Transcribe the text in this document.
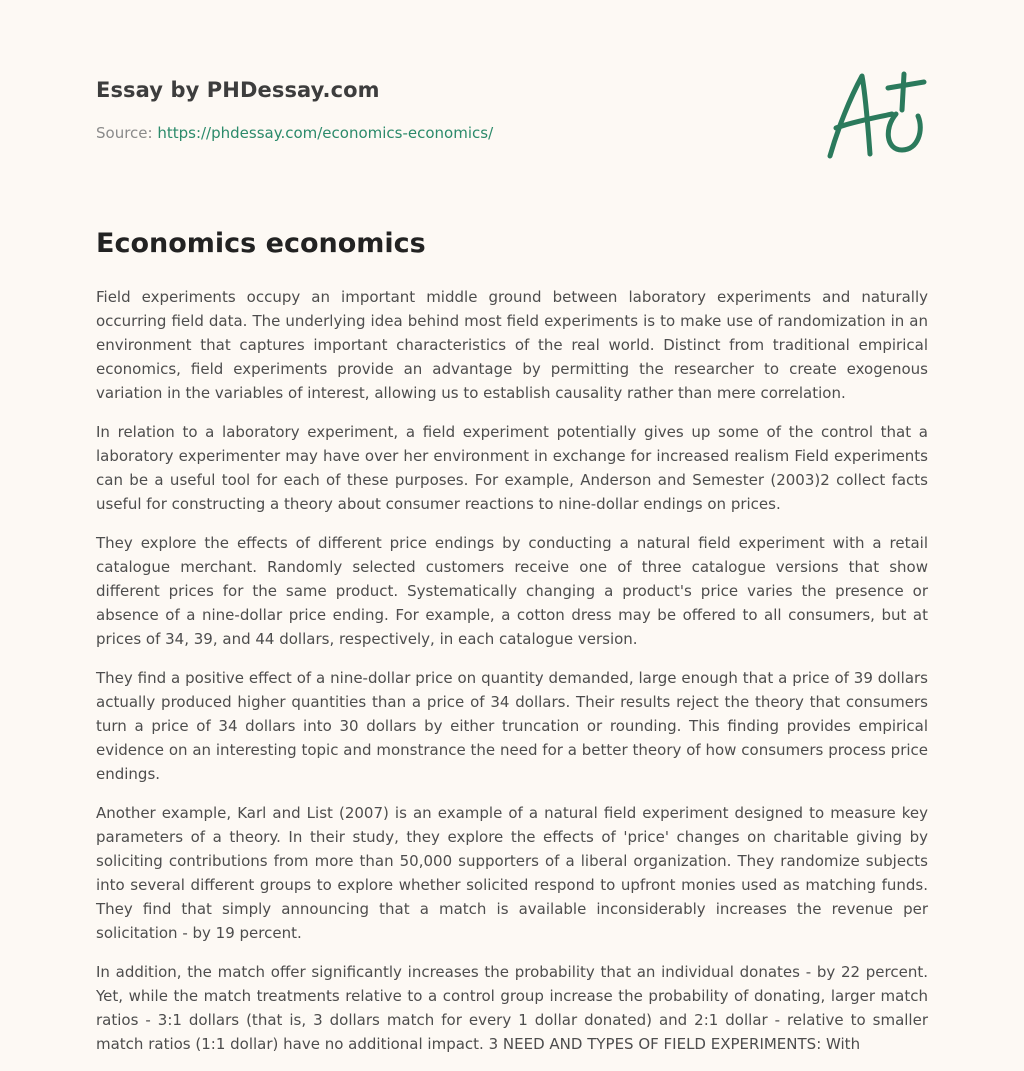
Essay by PHDessay.com
Source: https://phdessay.com/economics-economics/
Economics economics

Field experiments occupy an important middle ground between laboratory experiments and naturally occurring field data. The underlying idea behind most field experiments is to make use of randomization in an environment that captures important characteristics of the real world. Distinct from traditional empirical economics, field experiments provide an advantage by permitting the researcher to create exogenous variation in the variables of interest, allowing us to establish causality rather than mere correlation.

In relation to a laboratory experiment, a field experiment potentially gives up some of the control that a laboratory experimenter may have over her environment in exchange for increased realism Field experiments can be a useful tool for each of these purposes. For example, Anderson and Semester (2003)2 collect facts useful for constructing a theory about consumer reactions to nine-dollar endings on prices.

They explore the effects of different price endings by conducting a natural field experiment with a retail catalogue merchant. Randomly selected customers receive one of three catalogue versions that show different prices for the same product. Systematically changing a product's price varies the presence or absence of a nine-dollar price ending. For example, a cotton dress may be offered to all consumers, but at prices of 34, 39, and 44 dollars, respectively, in each catalogue version.

They find a positive effect of a nine-dollar price on quantity demanded, large enough that a price of 39 dollars actually produced higher quantities than a price of 34 dollars. Their results reject the theory that consumers turn a price of 34 dollars into 30 dollars by either truncation or rounding. This finding provides empirical evidence on an interesting topic and monstrance the need for a better theory of how consumers process price endings.

Another example, Karl and List (2007) is an example of a natural field experiment designed to measure key parameters of a theory. In their study, they explore the effects of 'price' changes on charitable giving by soliciting contributions from more than 50,000 supporters of a liberal organization. They randomize subjects into several different groups to explore whether solicited respond to upfront monies used as matching funds. They find that simply announcing that a match is available inconsiderably increases the revenue per solicitation - by 19 percent.

In addition, the match offer significantly increases the probability that an individual donates - by 22 percent. Yet, while the match treatments relative to a control group increase the probability of donating, larger match ratios - 3:1 dollars (that is, 3 dollars match for every 1 dollar donated) and 2:1 dollar - relative to smaller match ratios (1:1 dollar) have no additional impact. 3 NEED AND TYPES OF FIELD EXPERIMENTS: With
